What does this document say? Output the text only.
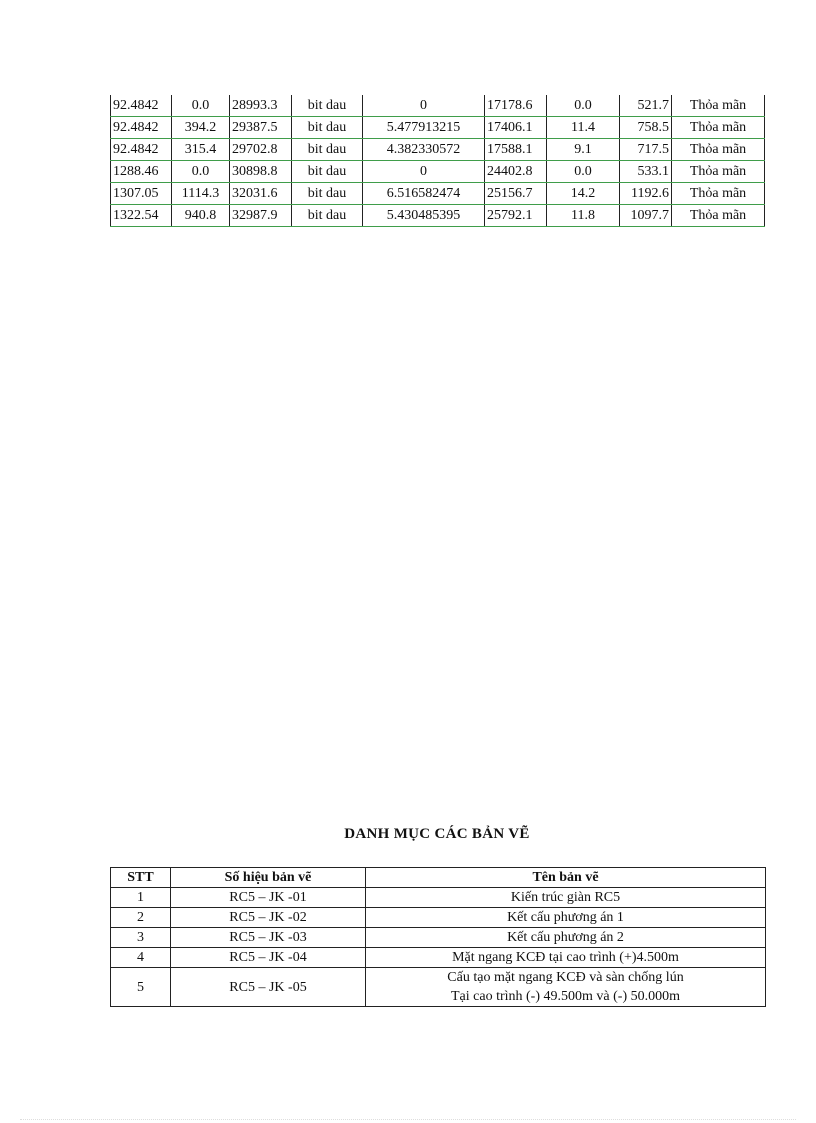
92.4842	0.0	28993.3	bit dau	0	17178.6	0.0	521.7	Thỏa mãn
92.4842	394.2	29387.5	bit dau	5.477913215	17406.1	11.4	758.5	Thỏa mãn
92.4842	315.4	29702.8	bit dau	4.382330572	17588.1	9.1	717.5	Thỏa mãn
1288.46	0.0	30898.8	bit dau	0	24402.8	0.0	533.1	Thỏa mãn
1307.05	1114.3	32031.6	bit dau	6.516582474	25156.7	14.2	1192.6	Thỏa mãn
1322.54	940.8	32987.9	bit dau	5.430485395	25792.1	11.8	1097.7	Thỏa mãn
DANH MỤC CÁC BẢN VẼ
STT	Số hiệu bản vẽ	Tên bản vẽ
1	RC5 – JK -01	Kiến trúc giàn RC5

2	RC5 – JK -02	Kết cấu phương án 1

3	RC5 – JK -03	Kết cấu phương án 2

4	RC5 – JK -04	Mặt ngang KCĐ tại cao trình (+)4.500m

5	RC5 – JK -05	Cấu tạo mặt ngang KCĐ và sàn chống lún
Tại cao trình (-) 49.500m và (-) 50.000m
